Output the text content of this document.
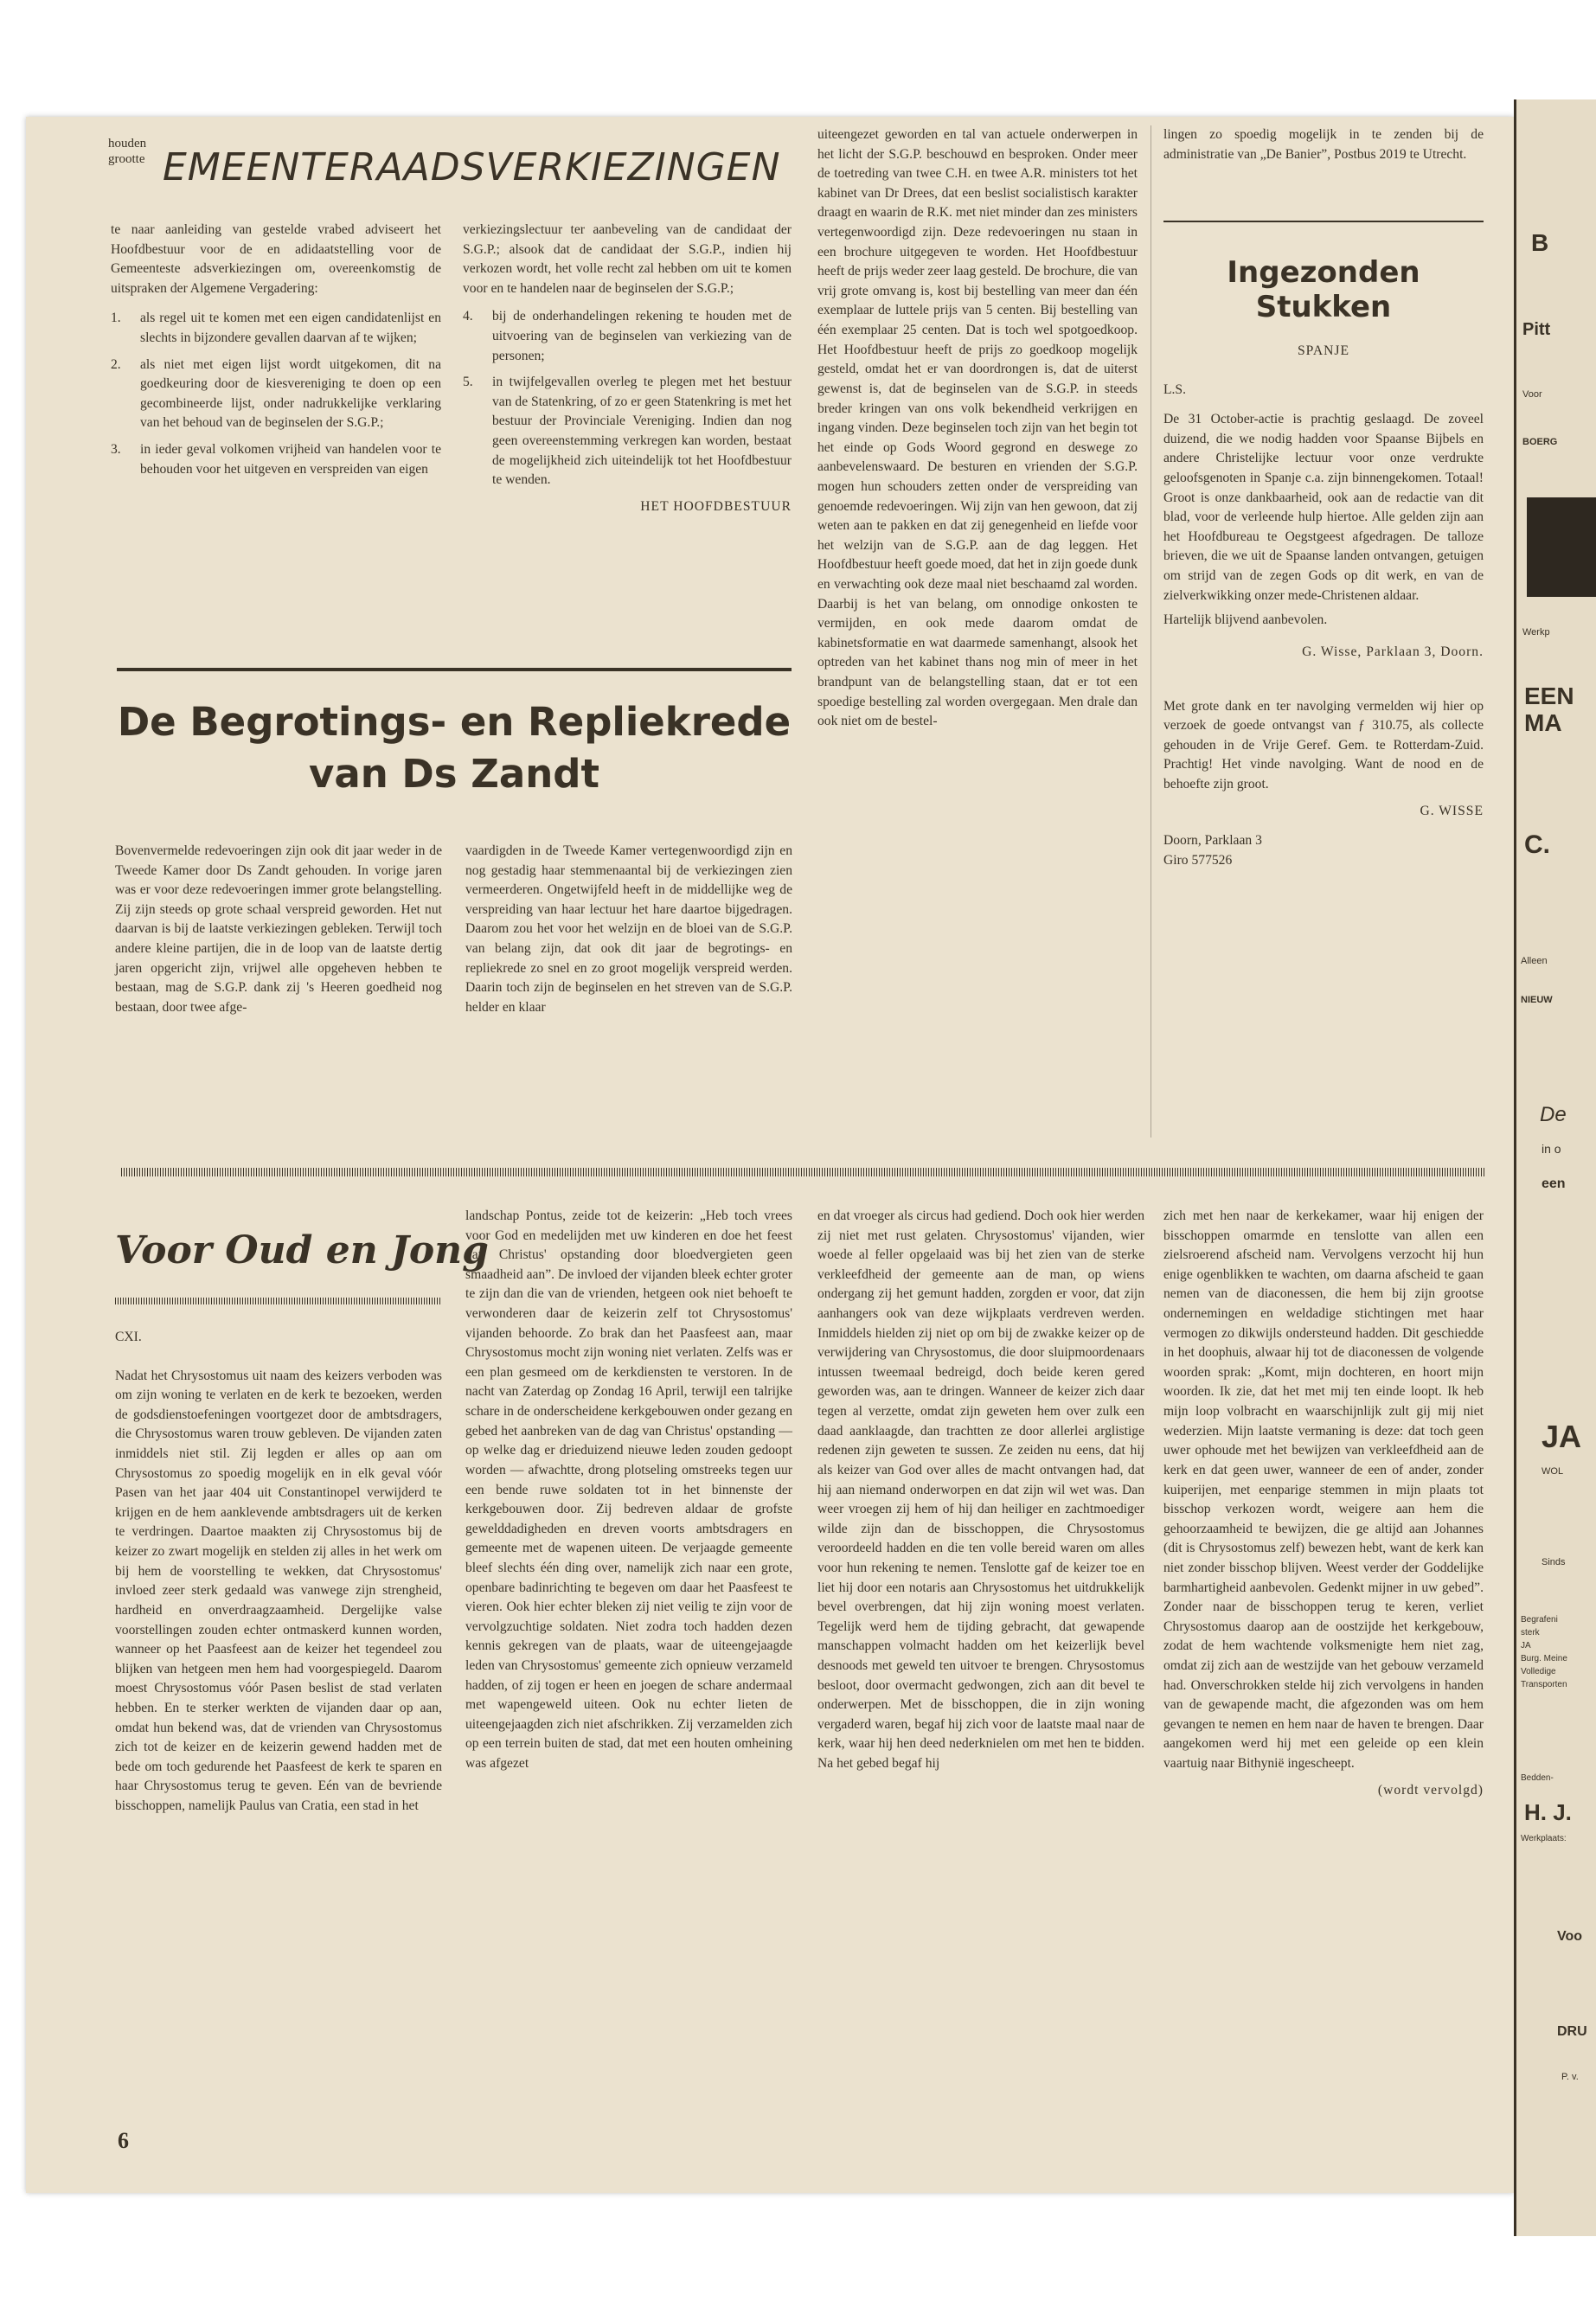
houden grootte EMEENTERAADSVERKIEZINGEN

te naar aanleiding van gestelde vrabed adviseert het Hoofdbestuur voor de en adidaatstelling voor de Gemeenteste adsverkiezingen om, overeenkomstig de uitspraken der Algemene Vergadering:

1.	als regel uit te komen met een eigen candidatenlijst en slechts in bijzondere gevallen daarvan af te wijken;
2.	als niet met eigen lijst wordt uitgekomen, dit na goedkeuring door de kiesvereniging te doen op een gecombineerde lijst, onder nadrukkelijke verklaring van het behoud van de beginselen der S.G.P.;
3.	in ieder geval volkomen vrijheid van handelen voor te behouden voor het uitgeven en verspreiden van eigen

verkiezingslectuur ter aanbeveling van de candidaat der S.G.P.; alsook dat de candidaat der S.G.P., indien hij verkozen wordt, het volle recht zal hebben om uit te komen voor en te handelen naar de beginselen der S.G.P.;

4.	bij de onderhandelingen rekening te houden met de uitvoering van de beginselen van verkiezing van de personen;
5.	in twijfelgevallen overleg te plegen met het bestuur van de Statenkring, of zo er geen Statenkring is met het bestuur der Provinciale Vereniging. Indien dan nog geen overeenstemming verkregen kan worden, bestaat de mogelijkheid zich uiteindelijk tot het Hoofdbestuur te wenden.

HET HOOFDBESTUUR

De Begrotings- en Repliekrede
van Ds Zandt

Bovenvermelde redevoeringen zijn ook dit jaar weder in de Tweede Kamer door Ds Zandt gehouden. In vorige jaren was er voor deze redevoeringen immer grote belangstelling. Zij zijn steeds op grote schaal verspreid geworden. Het nut daarvan is bij de laatste verkiezingen gebleken. Terwijl toch andere kleine partijen, die in de loop van de laatste dertig jaren opgericht zijn, vrijwel alle opgeheven hebben te bestaan, mag de S.G.P. dank zij 's Heeren goedheid nog bestaan, door twee afge-

vaardigden in de Tweede Kamer vertegenwoordigd zijn en nog gestadig haar stemmenaantal bij de verkiezingen zien vermeerderen. Ongetwijfeld heeft in de middellijke weg de verspreiding van haar lectuur het hare daartoe bijgedragen. Daarom zou het voor het welzijn en de bloei van de S.G.P. van belang zijn, dat ook dit jaar de begrotings- en repliekrede zo snel en zo groot mogelijk verspreid werden. Daarin toch zijn de beginselen en het streven van de S.G.P. helder en klaar

uiteengezet geworden en tal van actuele onderwerpen in het licht der S.G.P. beschouwd en besproken. Onder meer de toetreding van twee C.H. en twee A.R. ministers tot het kabinet van Dr Drees, dat een beslist socialistisch karakter draagt en waarin de R.K. met niet minder dan zes ministers vertegenwoordigd zijn. Deze redevoeringen nu staan in een brochure uitgegeven te worden. Het Hoofdbestuur heeft de prijs weder zeer laag gesteld. De brochure, die van vrij grote omvang is, kost bij bestelling van meer dan één exemplaar de luttele prijs van 5 centen. Bij bestelling van één exemplaar 25 centen. Dat is toch wel spotgoedkoop. Het Hoofdbestuur heeft de prijs zo goedkoop mogelijk gesteld, omdat het er van doordrongen is, dat de uiterst gewenst is, dat de beginselen van de S.G.P. in steeds breder kringen van ons volk bekendheid verkrijgen en ingang vinden. Deze beginselen toch zijn van het begin tot het einde op Gods Woord gegrond en deswege zo aanbevelenswaard. De besturen en vrienden der S.G.P. mogen hun schouders zetten onder de verspreiding van genoemde redevoeringen. Wij zijn van hen gewoon, dat zij weten aan te pakken en dat zij genegenheid en liefde voor het welzijn van de S.G.P. aan de dag leggen. Het Hoofdbestuur heeft goede moed, dat het in zijn goede dunk en verwachting ook deze maal niet beschaamd zal worden. Daarbij is het van belang, om onnodige onkosten te vermijden, en ook mede daarom omdat de kabinetsformatie en wat daarmede samenhangt, alsook het optreden van het kabinet thans nog min of meer in het brandpunt van de belangstelling staan, dat er tot een spoedige bestelling zal worden overgegaan. Men drale dan ook niet om de bestel-

lingen zo spoedig mogelijk in te zenden bij de administratie van „De Banier”, Postbus 2019 te Utrecht.

Ingezonden Stukken

SPANJE

L.S.

De 31 October-actie is prachtig geslaagd. De zoveel duizend, die we nodig hadden voor Spaanse Bijbels en andere Christelijke lectuur voor onze verdrukte geloofsgenoten in Spanje c.a. zijn binnengekomen. Totaal! Groot is onze dankbaarheid, ook aan de redactie van dit blad, voor de verleende hulp hiertoe. Alle gelden zijn aan het Hoofdbureau te Oegstgeest afgedragen. De talloze brieven, die we uit de Spaanse landen ontvangen, getuigen om strijd van de zegen Gods op dit werk, en van de zielverkwikking onzer mede-Christenen aldaar.

Hartelijk blijvend aanbevolen.

G. Wisse, Parklaan 3, Doorn.

Met grote dank en ter navolging vermelden wij hier op verzoek de goede ontvangst van ƒ 310.75, als collecte gehouden in de Vrije Geref. Gem. te Rotterdam-Zuid. Prachtig! Het vinde navolging. Want de nood en de behoefte zijn groot.

G. WISSE

Doorn, Parklaan 3

Giro 577526

Voor Oud en Jong

CXI.

Nadat het Chrysostomus uit naam des keizers verboden was om zijn woning te verlaten en de kerk te bezoeken, werden de godsdienstoefeningen voortgezet door de ambtsdragers, die Chrysostomus waren trouw gebleven. De vijanden zaten inmiddels niet stil. Zij legden er alles op aan om Chrysostomus zo spoedig mogelijk en in elk geval vóór Pasen van het jaar 404 uit Constantinopel verwijderd te krijgen en de hem aanklevende ambtsdragers uit de kerken te verdringen. Daartoe maakten zij Chrysostomus bij de keizer zo zwart mogelijk en stelden zij alles in het werk om bij hem de voorstelling te wekken, dat Chrysostomus' invloed zeer sterk gedaald was vanwege zijn strengheid, hardheid en onverdraagzaamheid. Dergelijke valse voorstellingen zouden echter ontmaskerd kunnen worden, wanneer op het Paasfeest aan de keizer het tegendeel zou blijken van hetgeen men hem had voorgespiegeld. Daarom moest Chrysostomus vóór Pasen beslist de stad verlaten hebben. En te sterker werkten de vijanden daar op aan, omdat hun bekend was, dat de vrienden van Chrysostomus zich tot de keizer en de keizerin gewend hadden met de bede om toch gedurende het Paasfeest de kerk te sparen en haar Chrysostomus terug te geven. Eén van de bevriende bisschoppen, namelijk Paulus van Cratia, een stad in het

landschap Pontus, zeide tot de keizerin: „Heb toch vrees voor God en medelijden met uw kinderen en doe het feest van Christus' opstanding door bloedvergieten geen smaadheid aan”. De invloed der vijanden bleek echter groter te zijn dan die van de vrienden, hetgeen ook niet behoeft te verwonderen daar de keizerin zelf tot Chrysostomus' vijanden behoorde. Zo brak dan het Paasfeest aan, maar Chrysostomus mocht zijn woning niet verlaten. Zelfs was er een plan gesmeed om de kerkdiensten te verstoren. In de nacht van Zaterdag op Zondag 16 April, terwijl een talrijke schare in de onderscheidene kerkgebouwen onder gezang en gebed het aanbreken van de dag van Christus' opstanding — op welke dag er drieduizend nieuwe leden zouden gedoopt worden — afwachtte, drong plotseling omstreeks tegen uur een bende ruwe soldaten tot in het binnenste der kerkgebouwen door. Zij bedreven aldaar de grofste gewelddadigheden en dreven voorts ambtsdragers en gemeente met de wapenen uiteen. De verjaagde gemeente bleef slechts één ding over, namelijk zich naar een grote, openbare badinrichting te begeven om daar het Paasfeest te vieren. Ook hier echter bleken zij niet veilig te zijn voor de vervolgzuchtige soldaten. Niet zodra toch hadden dezen kennis gekregen van de plaats, waar de uiteengejaagde leden van Chrysostomus' gemeente zich opnieuw verzameld hadden, of zij togen er heen en joegen de schare andermaal met wapengeweld uiteen. Ook nu echter lieten de uiteengejaagden zich niet afschrikken. Zij verzamelden zich op een terrein buiten de stad, dat met een houten omheining was afgezet

en dat vroeger als circus had gediend. Doch ook hier werden zij niet met rust gelaten. Chrysostomus' vijanden, wier woede al feller opgelaaid was bij het zien van de sterke verkleefdheid der gemeente aan de man, op wiens ondergang zij het gemunt hadden, zorgden er voor, dat zijn aanhangers ook van deze wijkplaats verdreven werden. Inmiddels hielden zij niet op om bij de zwakke keizer op de verwijdering van Chrysostomus, die door sluipmoordenaars intussen tweemaal bedreigd, doch beide keren gered geworden was, aan te dringen. Wanneer de keizer zich daar tegen al verzette, omdat zijn geweten hem over zulk een daad aanklaagde, dan trachtten ze door allerlei arglistige redenen zijn geweten te sussen. Ze zeiden nu eens, dat hij als keizer van God over alles de macht ontvangen had, dat hij aan niemand onderworpen en dat zijn wil wet was. Dan weer vroegen zij hem of hij dan heiliger en zachtmoediger wilde zijn dan de bisschoppen, die Chrysostomus veroordeeld hadden en die ten volle bereid waren om alles voor hun rekening te nemen. Tenslotte gaf de keizer toe en liet hij door een notaris aan Chrysostomus het uitdrukkelijk bevel overbrengen, dat hij zijn woning moest verlaten. Tegelijk werd hem de tijding gebracht, dat gewapende manschappen volmacht hadden om het keizerlijk bevel desnoods met geweld ten uitvoer te brengen. Chrysostomus besloot, door overmacht gedwongen, zich aan dit bevel te onderwerpen. Met de bisschoppen, die in zijn woning vergaderd waren, begaf hij zich voor de laatste maal naar de kerk, waar hij hen deed nederknielen om met hen te bidden. Na het gebed begaf hij

zich met hen naar de kerkekamer, waar hij enigen der bisschoppen omarmde en tenslotte van allen een zielsroerend afscheid nam. Vervolgens verzocht hij hun enige ogenblikken te wachten, om daarna afscheid te gaan nemen van de diaconessen, die hem bij zijn grootse ondernemingen en weldadige stichtingen met haar vermogen zo dikwijls ondersteund hadden. Dit geschiedde in het doophuis, alwaar hij tot de diaconessen de volgende woorden sprak: „Komt, mijn dochteren, en hoort mijn woorden. Ik zie, dat het met mij ten einde loopt. Ik heb mijn loop volbracht en waarschijnlijk zult gij mij niet wederzien. Mijn laatste vermaning is deze: dat toch geen uwer ophoude met het bewijzen van verkleefdheid aan de kerk en dat geen uwer, wanneer de een of ander, zonder kuiperijen, met eenparige stemmen in mijn plaats tot bisschop verkozen wordt, weigere aan hem die gehoorzaamheid te bewijzen, die ge altijd aan Johannes (dit is Chrysostomus zelf) bewezen hebt, want de kerk kan niet zonder bisschop blijven. Weest verder der Goddelijke barmhartigheid aanbevolen. Gedenkt mijner in uw gebed”. Zonder naar de bisschoppen terug te keren, verliet Chrysostomus daarop aan de oostzijde het kerkgebouw, zodat de hem wachtende volksmenigte hem niet zag, omdat zij zich aan de westzijde van het gebouw verzameld had. Onverschrokken stelde hij zich vervolgens in handen van de gewapende macht, die afgezonden was om hem gevangen te nemen en hem naar de haven te brengen. Daar aangekomen werd hij met een geleide op een klein vaartuig naar Bithynië ingescheept.

(wordt vervolgd)

6
B
Pitt
Voor
BOERG
Werkp
EEN
MA
C.
Alleen
NIEUW
De
in o
een
JA
WOL
Sinds
Begrafeni
sterk
JA
Burg. Meine
Volledige
Transporten
Bedden-
H. J.
Werkplaats:
Voo
DRU
P. v.
